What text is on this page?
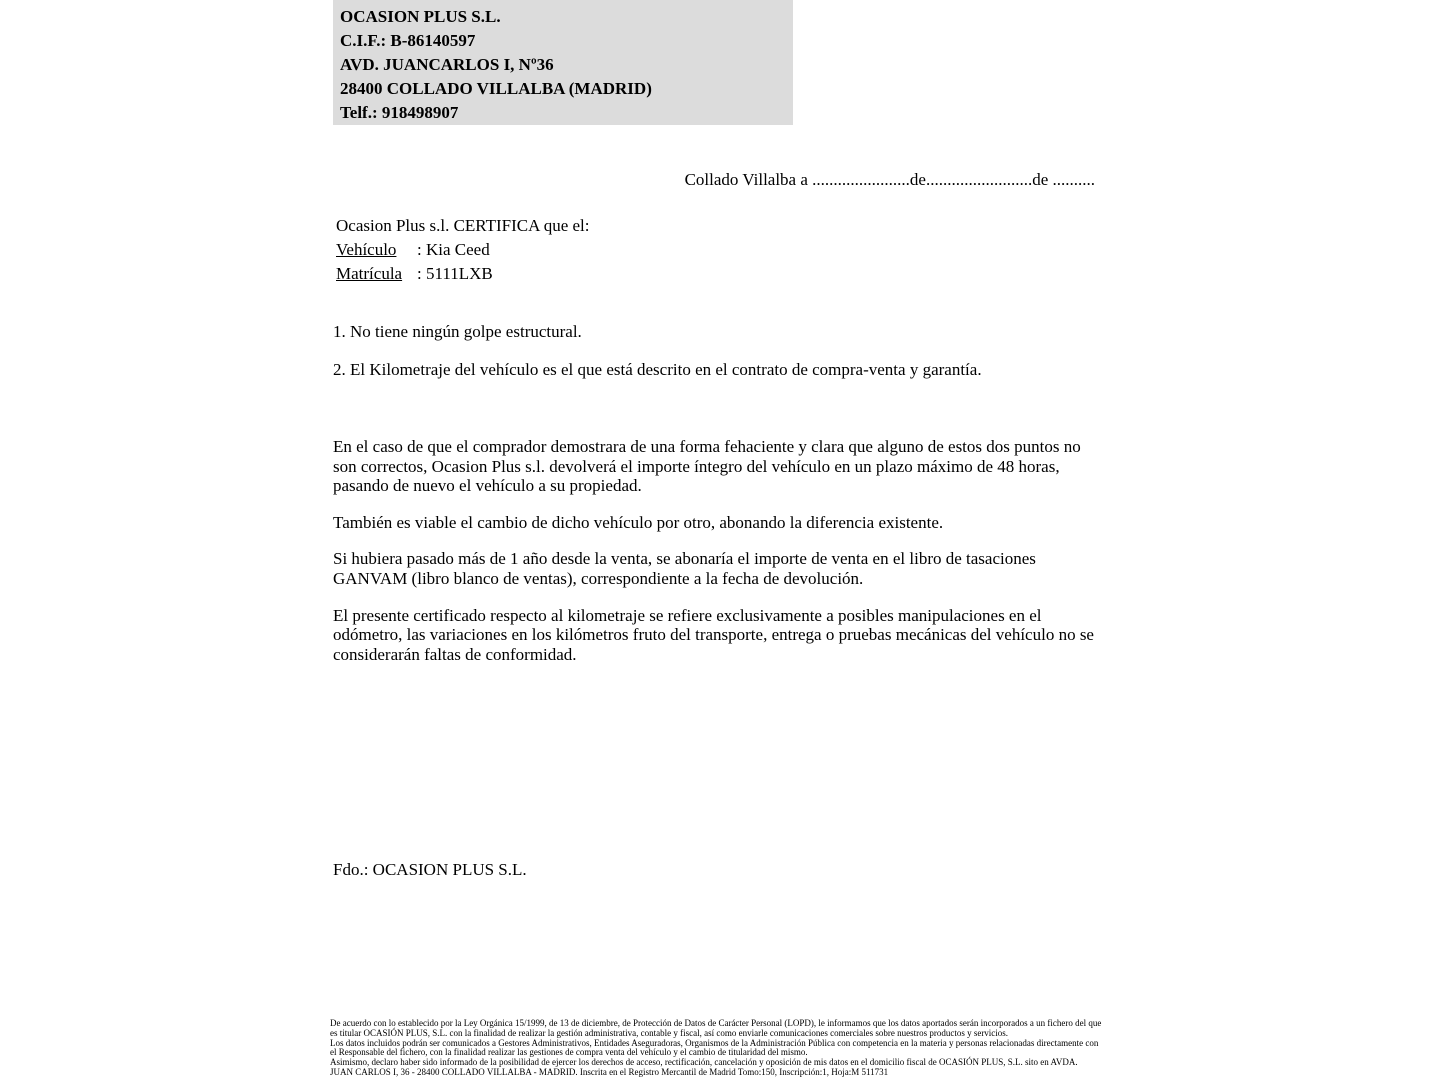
OCASION PLUS S.L.
C.I.F.: B-86140597
AVD. JUANCARLOS I, Nº36
28400 COLLADO VILLALBA (MADRID)
Telf.: 918498907
Collado Villalba a .......................de.........................de ..........
Ocasion Plus s.l. CERTIFICA que el:
Vehículo : Kia Ceed
Matrícula : 5111LXB
1. No tiene ningún golpe estructural.
2. El Kilometraje del vehículo es el que está descrito en el contrato de compra-venta y garantía.

En el caso de que el comprador demostrara de una forma fehaciente y clara que alguno de estos dos puntos no son correctos, Ocasion Plus s.l. devolverá el importe íntegro del vehículo en un plazo máximo de 48 horas, pasando de nuevo el vehículo a su propiedad.

También es viable el cambio de dicho vehículo por otro, abonando la diferencia existente.

Si hubiera pasado más de 1 año desde la venta, se abonaría el importe de venta en el libro de tasaciones GANVAM (libro blanco de ventas), correspondiente a la fecha de devolución.

El presente certificado respecto al kilometraje se refiere exclusivamente a posibles manipulaciones en el odómetro, las variaciones en los kilómetros fruto del transporte, entrega o pruebas mecánicas del vehículo no se considerarán faltas de conformidad.

Fdo.: OCASION PLUS S.L.

De acuerdo con lo establecido por la Ley Orgánica 15/1999, de 13 de diciembre, de Protección de Datos de Carácter Personal (LOPD), le informamos que los datos aportados serán incorporados a un fichero del que es titular OCASIÓN PLUS, S.L. con la finalidad de realizar la gestión administrativa, contable y fiscal, así como enviarle comunicaciones comerciales sobre nuestros productos y servicios.

Los datos incluidos podrán ser comunicados a Gestores Administrativos, Entidades Aseguradoras, Organismos de la Administración Pública con competencia en la materia y personas relacionadas directamente con el Responsable del fichero, con la finalidad realizar las gestiones de compra venta del vehículo y el cambio de titularidad del mismo.

Asimismo, declaro haber sido informado de la posibilidad de ejercer los derechos de acceso, rectificación, cancelación y oposición de mis datos en el domicilio fiscal de OCASIÓN PLUS, S.L. sito en AVDA. JUAN CARLOS I, 36 - 28400 COLLADO VILLALBA - MADRID. Inscrita en el Registro Mercantil de Madrid Tomo:150, Inscripción:1, Hoja:M 511731
